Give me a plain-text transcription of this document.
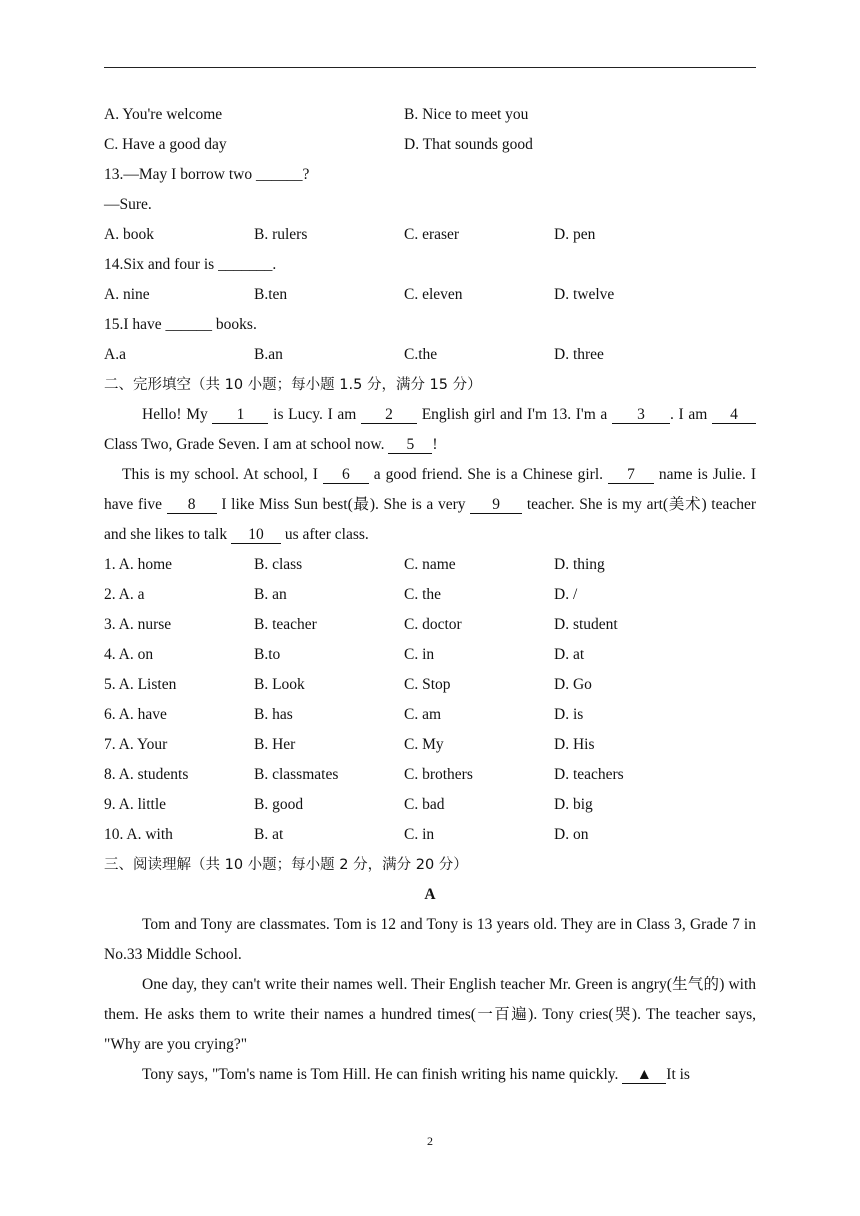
A. You're welcome	B. Nice to meet you
C. Have a good day	D. That sounds good
13.—May I borrow two ______?
—Sure.
A. book	B. rulers	C. eraser	D. pen
14.Six and four is _______.
A. nine	B.ten	C. eleven	D. twelve
15.I have ______ books.
A.a	B.an	C.the	D. three
二、完形填空（共 10 小题；每小题 1.5 分，满分 15 分）

Hello! My 1 is Lucy. I am 2 English girl and I'm 13. I'm a 3 . I am 4 Class Two, Grade Seven. I am at school now. 5 !

This is my school. At school, I 6 a good friend. She is a Chinese girl. 7 name is Julie. I have five 8 I like Miss Sun best(最). She is a very 9 teacher. She is my art(美术) teacher and she likes to talk 10 us after class.

1. A. home	B. class	C. name	D. thing
2. A. a	B. an	C. the	D. /
3. A. nurse	B. teacher	C. doctor	D. student
4. A. on	B.to	C. in	D. at
5. A. Listen	B. Look	C. Stop	D. Go
6. A. have	B. has	C. am	D. is
7. A. Your	B. Her	C. My	D. His
8. A. students	B. classmates	C. brothers	D. teachers
9. A. little	B. good	C. bad	D. big
10. A. with	B. at	C. in	D. on
三、阅读理解（共 10 小题；每小题 2 分，满分 20 分）
A

Tom and Tony are classmates. Tom is 12 and Tony is 13 years old. They are in Class 3, Grade 7 in No.33 Middle School.

One day, they can't write their names well. Their English teacher Mr. Green is angry(生气的) with them. He asks them to write their names a hundred times(一百遍). Tony cries(哭). The teacher says, "Why are you crying?"

Tony says, "Tom's name is Tom Hill. He can finish writing his name quickly. ▲ It is

2
